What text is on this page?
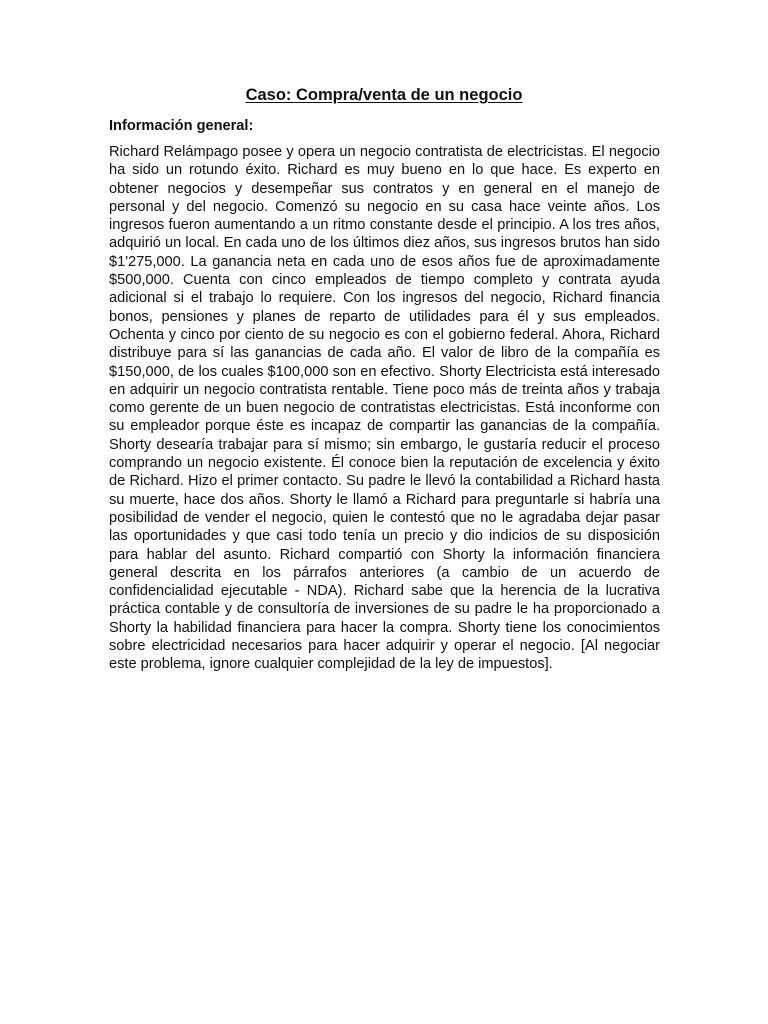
Caso: Compra/venta de un negocio
Información general:

Richard Relámpago posee y opera un negocio contratista de electricistas. El negocio ha sido un rotundo éxito. Richard es muy bueno en lo que hace. Es experto en obtener negocios y desempeñar sus contratos y en general en el manejo de personal y del negocio. Comenzó su negocio en su casa hace veinte años. Los ingresos fueron aumentando a un ritmo constante desde el principio. A los tres años, adquirió un local. En cada uno de los últimos diez años, sus ingresos brutos han sido $1'275,000. La ganancia neta en cada uno de esos años fue de aproximadamente $500,000. Cuenta con cinco empleados de tiempo completo y contrata ayuda adicional si el trabajo lo requiere. Con los ingresos del negocio, Richard financia bonos, pensiones y planes de reparto de utilidades para él y sus empleados. Ochenta y cinco por ciento de su negocio es con el gobierno federal. Ahora, Richard distribuye para sí las ganancias de cada año. El valor de libro de la compañía es $150,000, de los cuales $100,000 son en efectivo. Shorty Electricista está interesado en adquirir un negocio contratista rentable. Tiene poco más de treinta años y trabaja como gerente de un buen negocio de contratistas electricistas. Está inconforme con su empleador porque éste es incapaz de compartir las ganancias de la compañía. Shorty desearía trabajar para sí mismo; sin embargo, le gustaría reducir el proceso comprando un negocio existente. Él conoce bien la reputación de excelencia y éxito de Richard. Hizo el primer contacto. Su padre le llevó la contabilidad a Richard hasta su muerte, hace dos años. Shorty le llamó a Richard para preguntarle si habría una posibilidad de vender el negocio, quien le contestó que no le agradaba dejar pasar las oportunidades y que casi todo tenía un precio y dio indicios de su disposición para hablar del asunto. Richard compartió con Shorty la información financiera general descrita en los párrafos anteriores (a cambio de un acuerdo de confidencialidad ejecutable - NDA). Richard sabe que la herencia de la lucrativa práctica contable y de consultoría de inversiones de su padre le ha proporcionado a Shorty la habilidad financiera para hacer la compra. Shorty tiene los conocimientos sobre electricidad necesarios para hacer adquirir y operar el negocio. [Al negociar este problema, ignore cualquier complejidad de la ley de impuestos].
